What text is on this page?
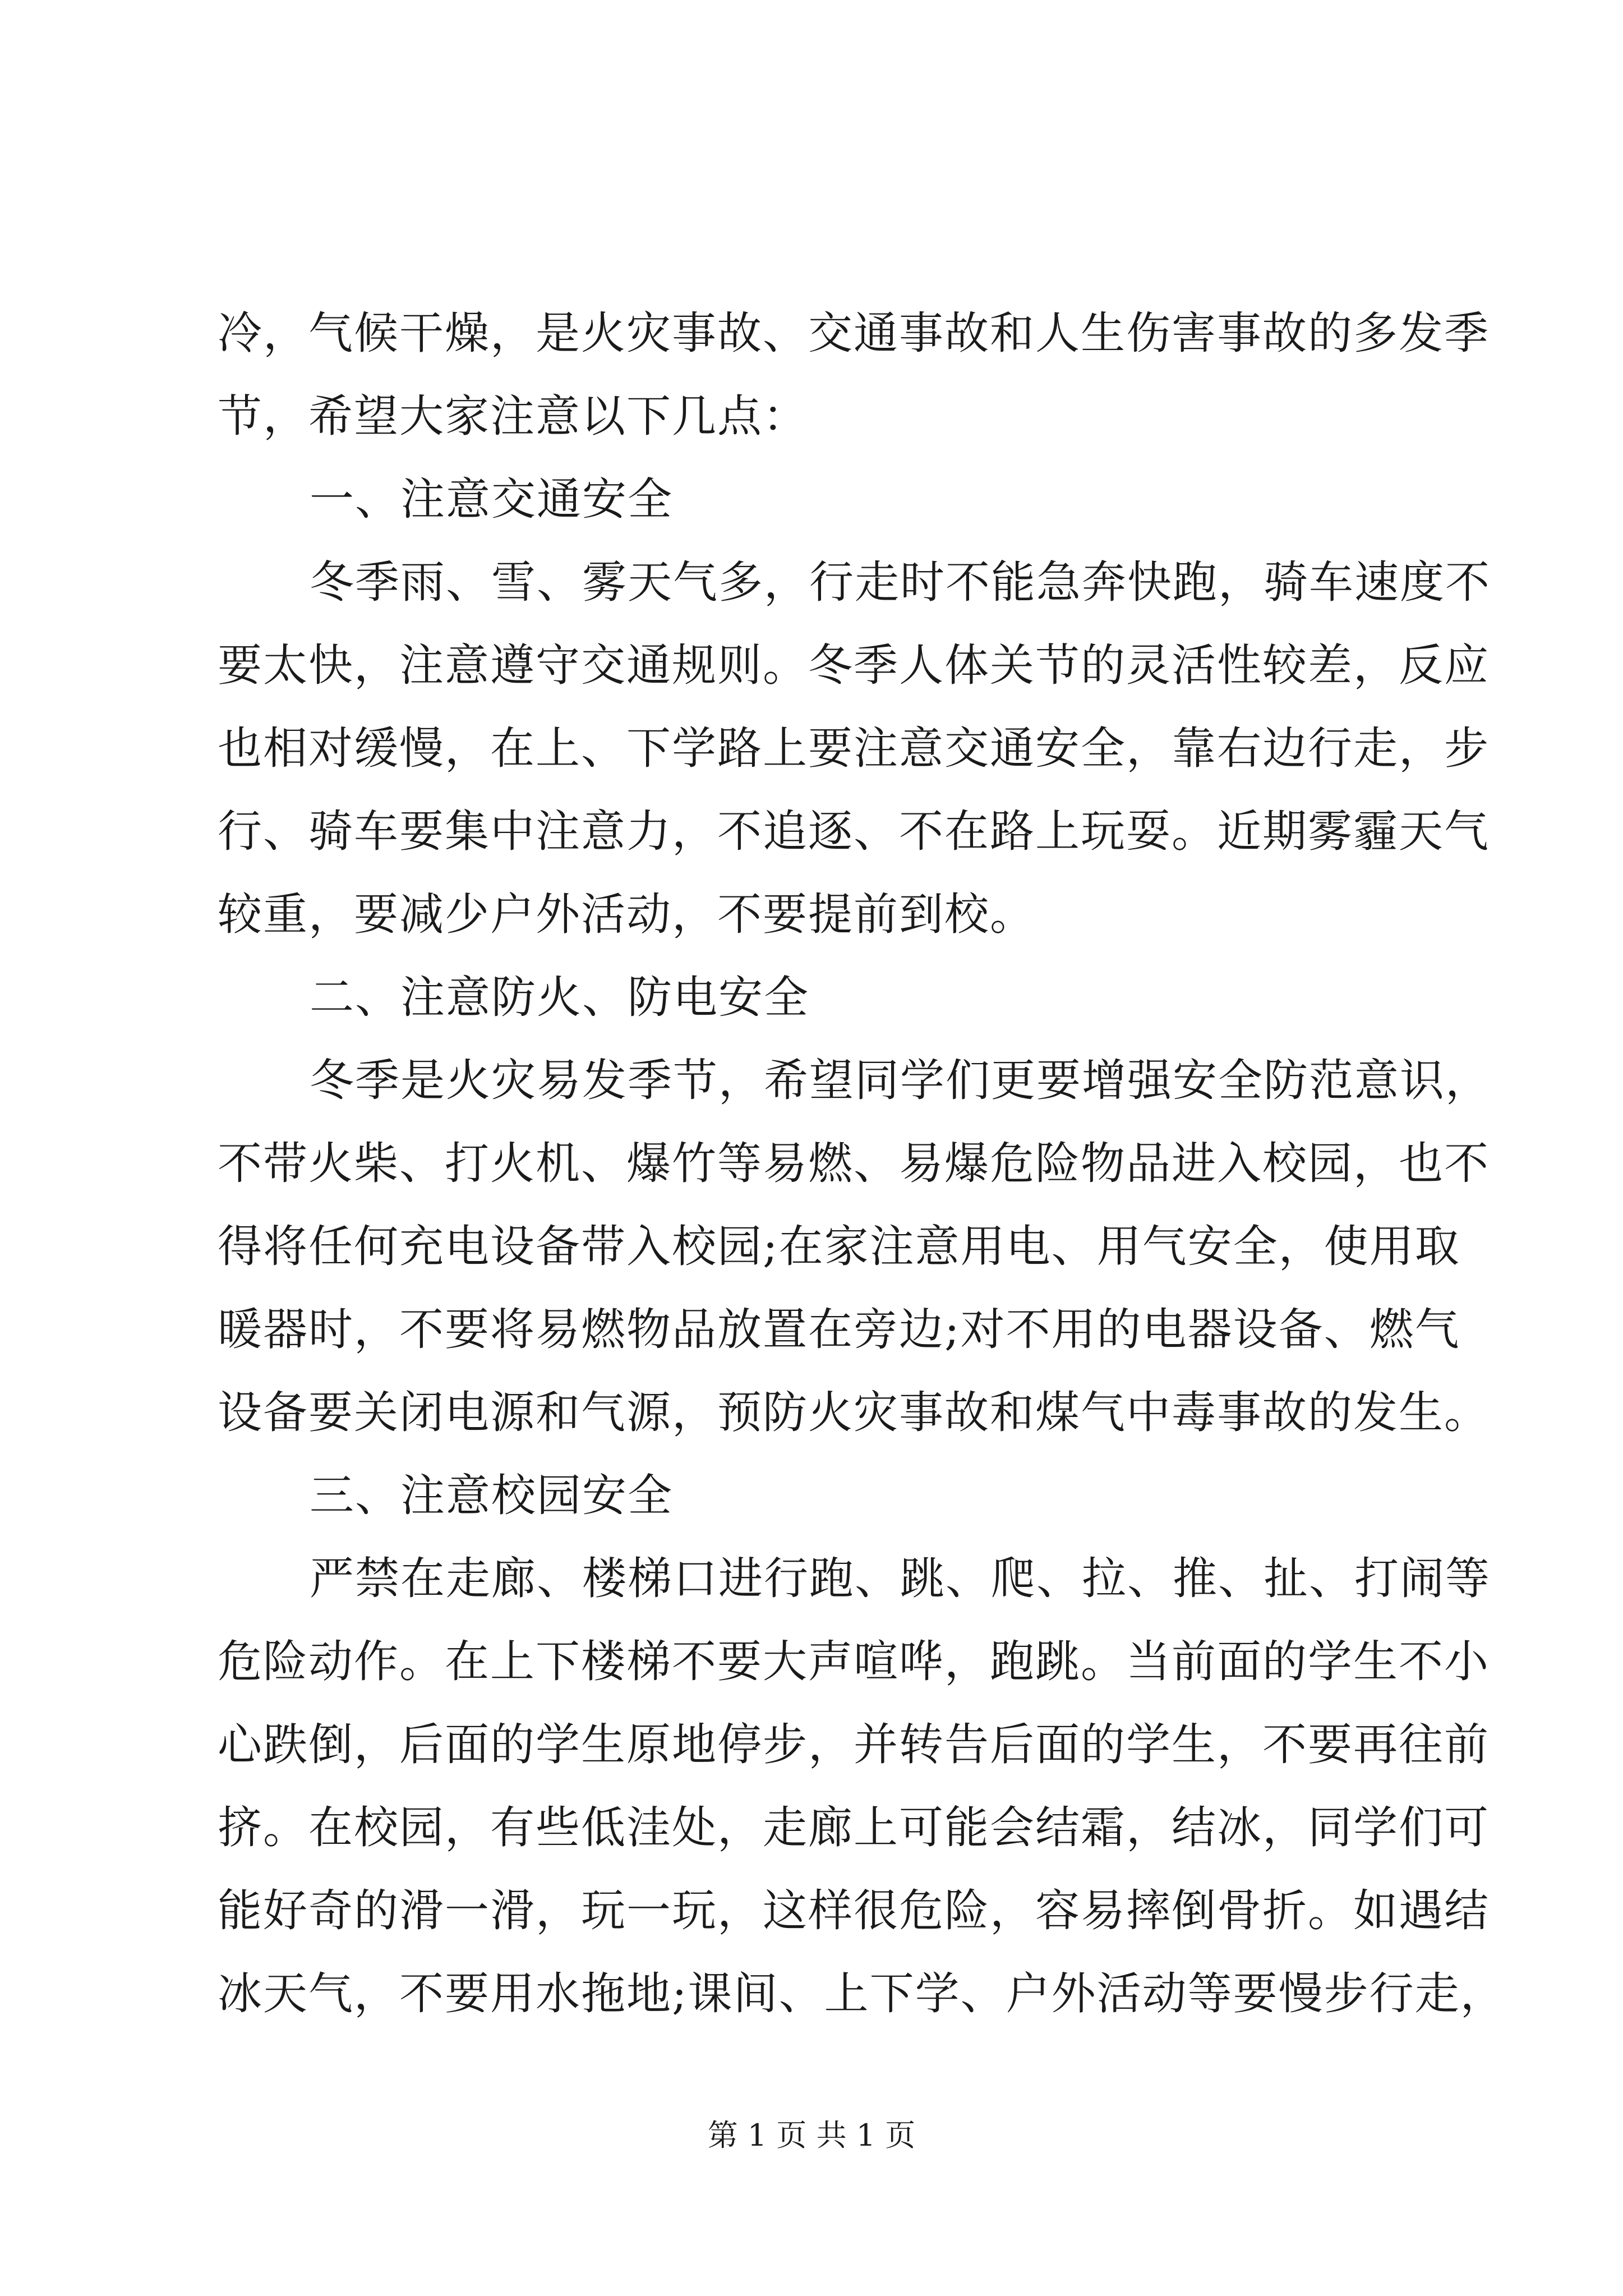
冷，气候干燥，是火灾事故、交通事故和人生伤害事故的多发季
节，希望大家注意以下几点：
一、注意交通安全
冬季雨、雪、雾天气多，行走时不能急奔快跑，骑车速度不
要太快，注意遵守交通规则。冬季人体关节的灵活性较差，反应
也相对缓慢，在上、下学路上要注意交通安全，靠右边行走，步
行、骑车要集中注意力，不追逐、不在路上玩耍。近期雾霾天气
较重，要减少户外活动，不要提前到校。
二、注意防火、防电安全
冬季是火灾易发季节，希望同学们更要增强安全防范意识，
不带火柴、打火机、爆竹等易燃、易爆危险物品进入校园，也不
得将任何充电设备带入校园;在家注意用电、用气安全，使用取
暖器时，不要将易燃物品放置在旁边;对不用的电器设备、燃气
设备要关闭电源和气源，预防火灾事故和煤气中毒事故的发生。
三、注意校园安全
严禁在走廊、楼梯口进行跑、跳、爬、拉、推、扯、打闹等
危险动作。在上下楼梯不要大声喧哗，跑跳。当前面的学生不小
心跌倒，后面的学生原地停步，并转告后面的学生，不要再往前
挤。在校园，有些低洼处，走廊上可能会结霜，结冰，同学们可
能好奇的滑一滑，玩一玩，这样很危险，容易摔倒骨折。如遇结
冰天气，不要用水拖地;课间、上下学、户外活动等要慢步行走，
第 1 页 共 1 页
